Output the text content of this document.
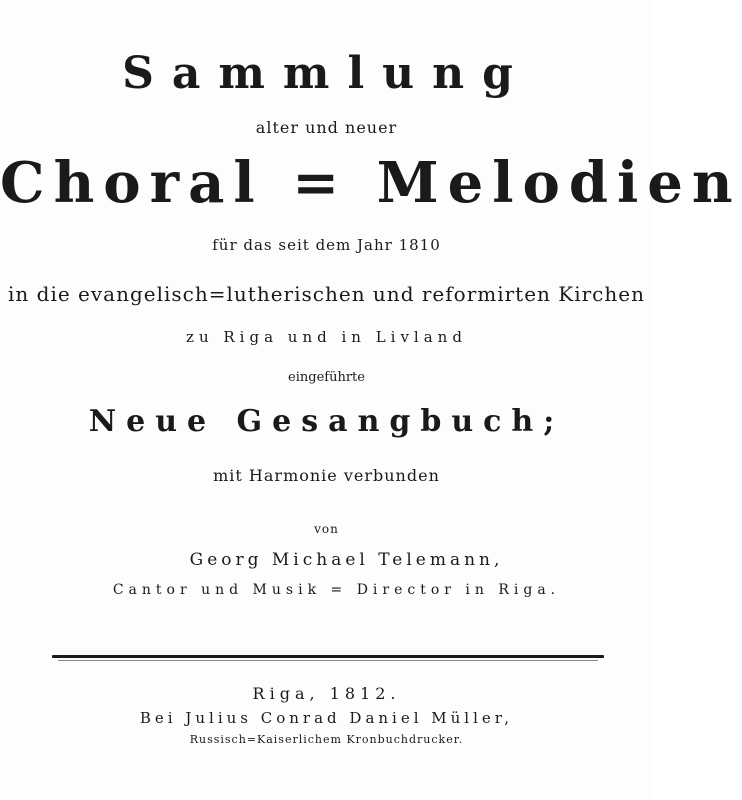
Sammlung
alter und neuer
Choral = Melodien
für das seit dem Jahr 1810
in die evangelisch=lutherischen und reformirten Kirchen
zu Riga und in Livland
eingeführte
Neue Gesangbuch;
mit Harmonie verbunden
von
Georg Michael Telemann,
Cantor und Musik = Director in Riga.
Riga, 1812.
Bei Julius Conrad Daniel Müller,
Russisch=Kaiserlichem Kronbuchdrucker.
